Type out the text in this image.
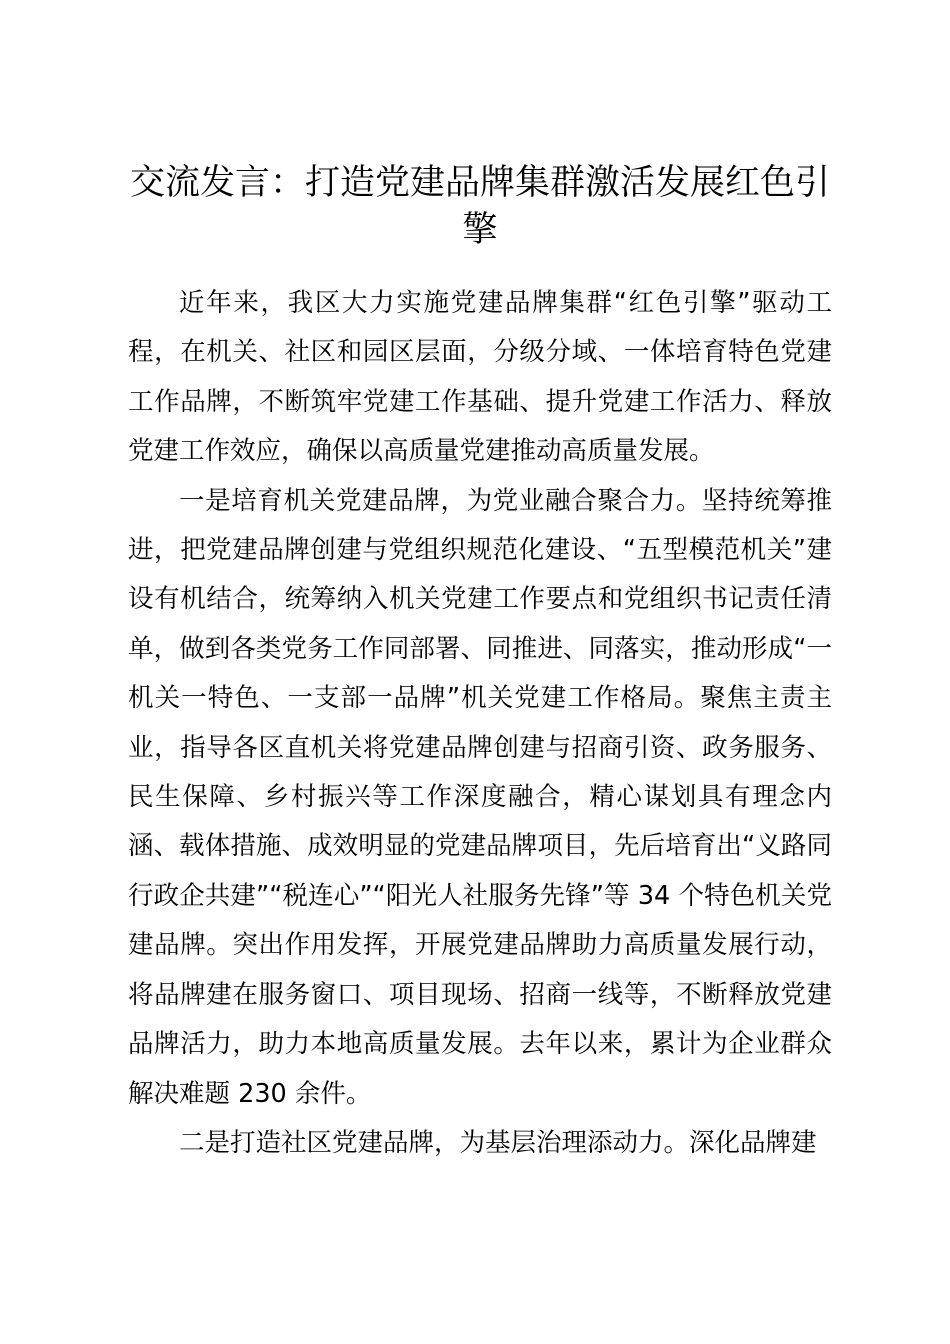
交流发言：打造党建品牌集群激活发展红色引擎

近年来，我区大力实施党建品牌集群“红色引擎”驱动工程，在机关、社区和园区层面，分级分域、一体培育特色党建工作品牌，不断筑牢党建工作基础、提升党建工作活力、释放党建工作效应，确保以高质量党建推动高质量发展。

一是培育机关党建品牌，为党业融合聚合力。坚持统筹推进，把党建品牌创建与党组织规范化建设、“五型模范机关”建设有机结合，统筹纳入机关党建工作要点和党组织书记责任清单，做到各类党务工作同部署、同推进、同落实，推动形成“一机关一特色、一支部一品牌”机关党建工作格局。聚焦主责主业，指导各区直机关将党建品牌创建与招商引资、政务服务、民生保障、乡村振兴等工作深度融合，精心谋划具有理念内涵、载体措施、成效明显的党建品牌项目，先后培育出“义路同行政企共建”“税连心”“阳光人社服务先锋”等 34 个特色机关党建品牌。突出作用发挥，开展党建品牌助力高质量发展行动，将品牌建在服务窗口、项目现场、招商一线等，不断释放党建品牌活力，助力本地高质量发展。去年以来，累计为企业群众解决难题 230 余件。

二是打造社区党建品牌，为基层治理添动力。深化品牌建
